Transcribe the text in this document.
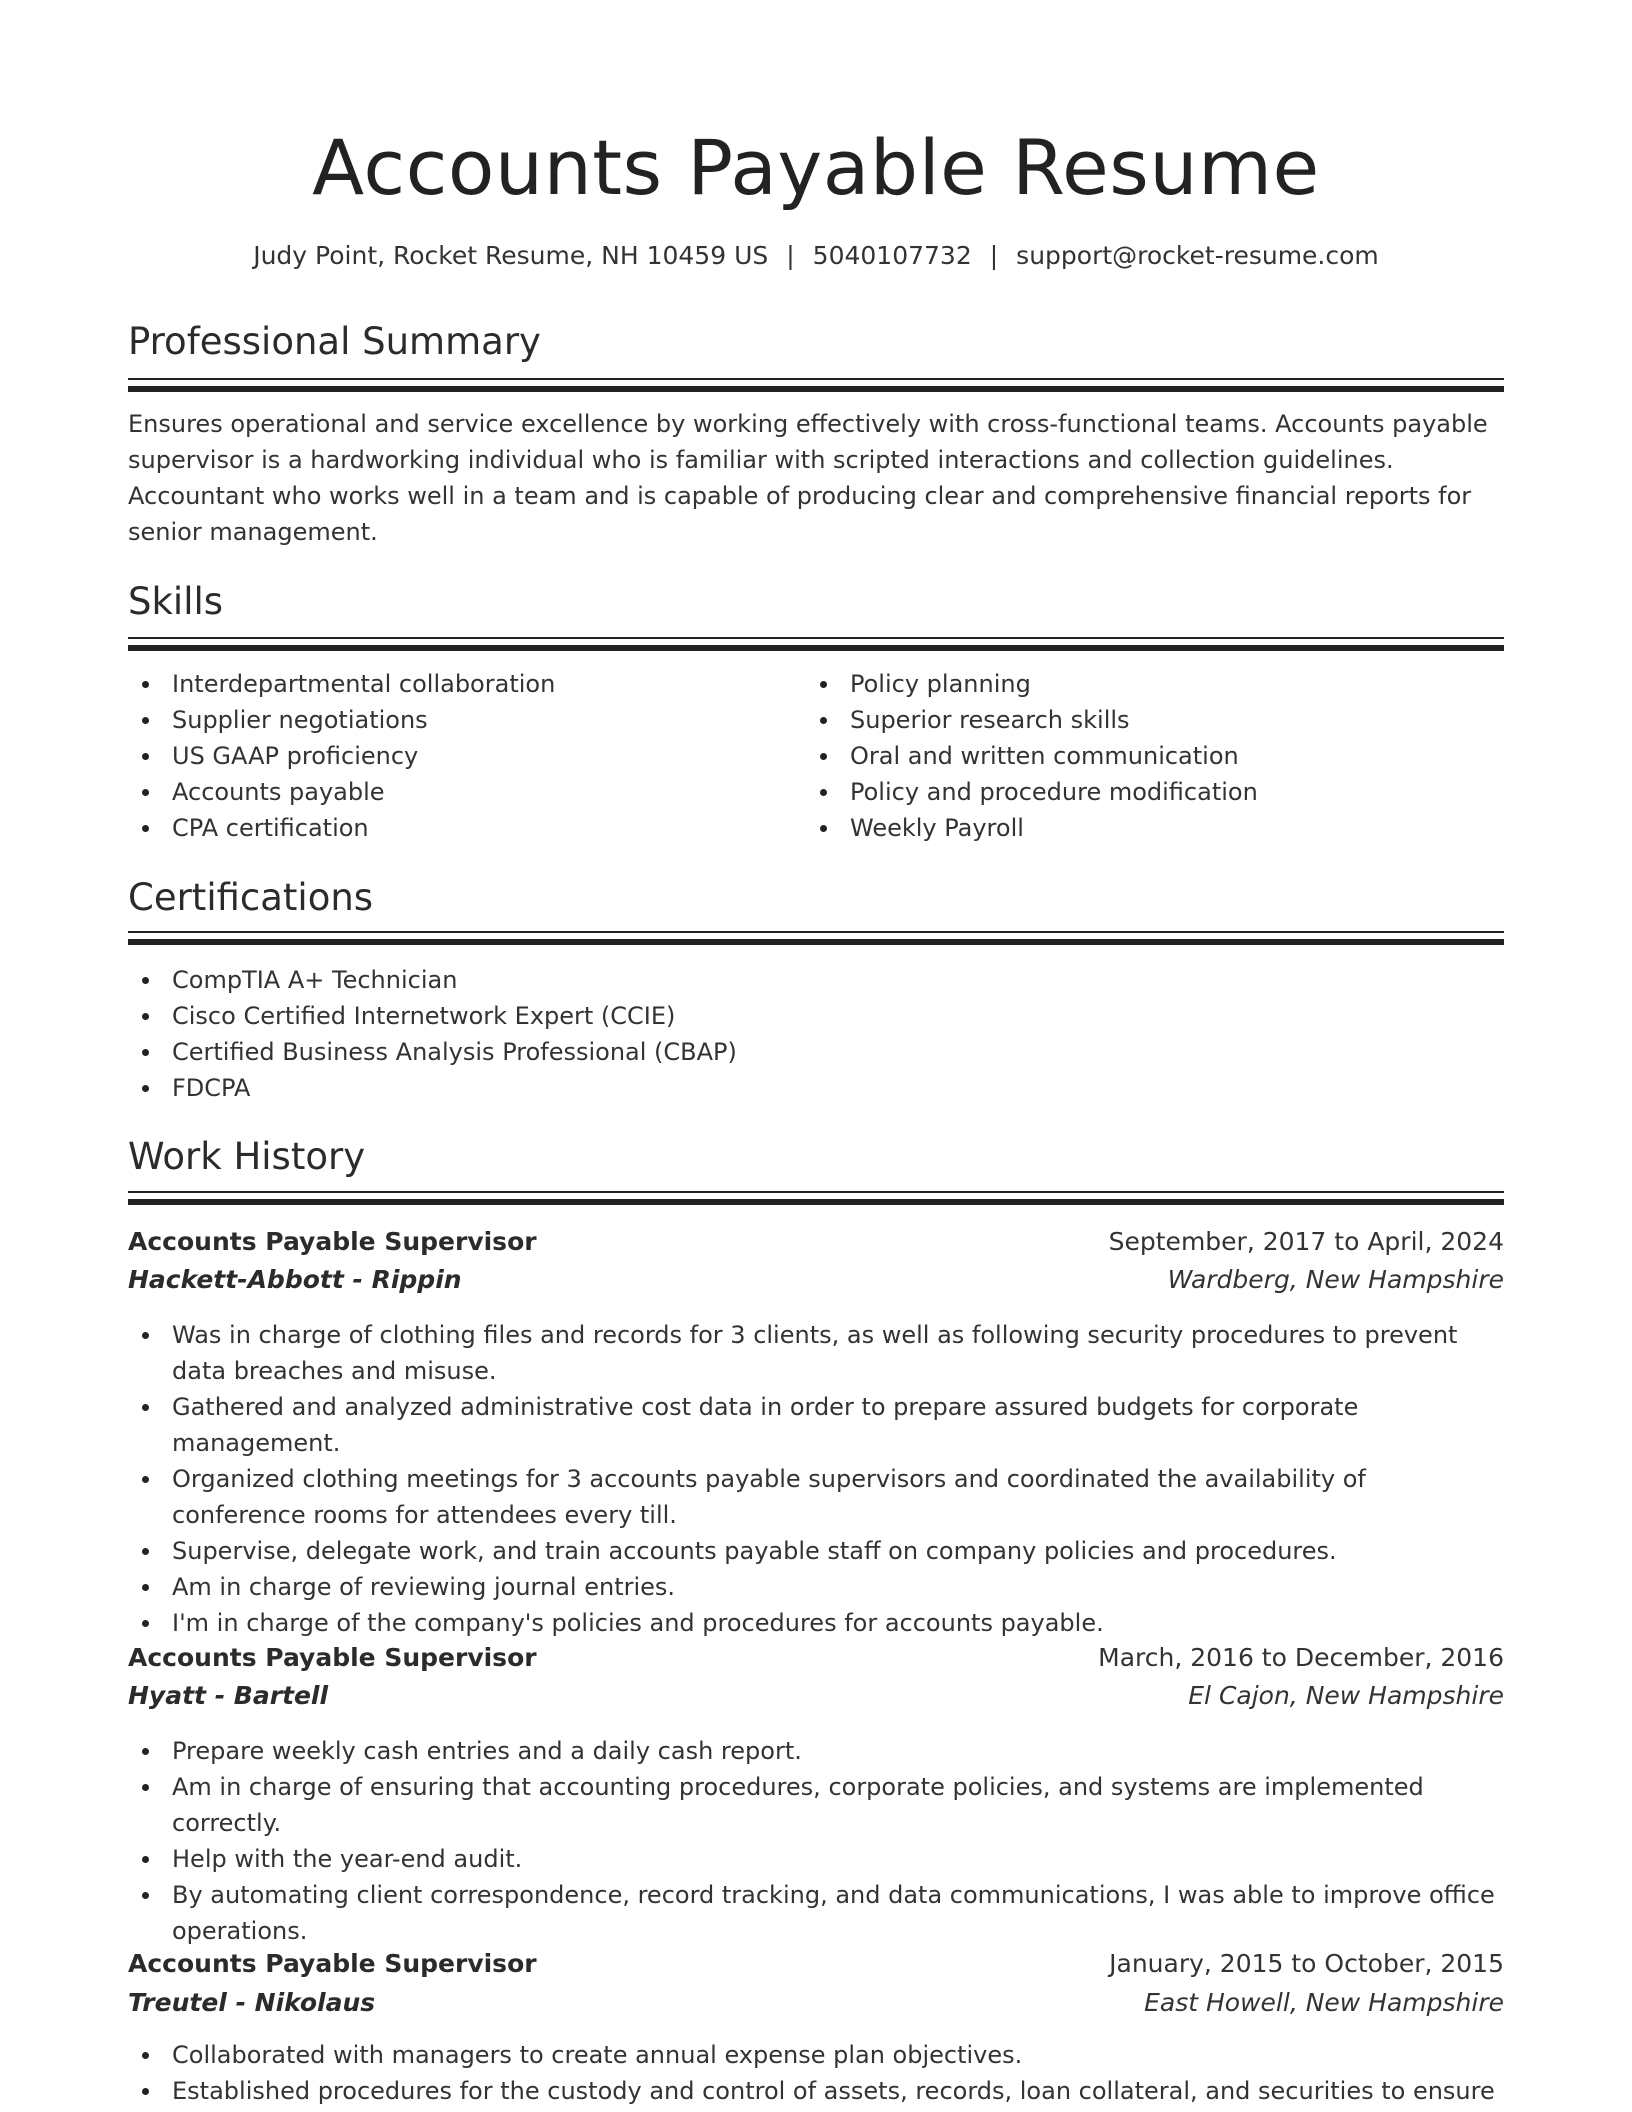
Accounts Payable Resume
Judy Point, Rocket Resume, NH 10459 US | 5040107732 | support@rocket-resume.com
Professional Summary
Ensures operational and service excellence by working effectively with cross-functional teams. Accounts payable supervisor is a hardworking individual who is familiar with scripted interactions and collection guidelines. Accountant who works well in a team and is capable of producing clear and comprehensive financial reports for senior management.
Skills
Interdepartmental collaboration
Supplier negotiations
US GAAP proficiency
Accounts payable
CPA certification
Policy planning
Superior research skills
Oral and written communication
Policy and procedure modification
Weekly Payroll
Certifications
CompTIA A+ Technician
Cisco Certified Internetwork Expert (CCIE)
Certified Business Analysis Professional (CBAP)
FDCPA
Work History
Accounts Payable Supervisor	September, 2017 to April, 2024
Hackett-Abbott - Rippin	Wardberg, New Hampshire
Was in charge of clothing files and records for 3 clients, as well as following security procedures to prevent data breaches and misuse.
Gathered and analyzed administrative cost data in order to prepare assured budgets for corporate management.
Organized clothing meetings for 3 accounts payable supervisors and coordinated the availability of conference rooms for attendees every till.
Supervise, delegate work, and train accounts payable staff on company policies and procedures.
Am in charge of reviewing journal entries.
I'm in charge of the company's policies and procedures for accounts payable.
Accounts Payable Supervisor	March, 2016 to December, 2016
Hyatt - Bartell	El Cajon, New Hampshire
Prepare weekly cash entries and a daily cash report.
Am in charge of ensuring that accounting procedures, corporate policies, and systems are implemented correctly.
Help with the year-end audit.
By automating client correspondence, record tracking, and data communications, I was able to improve office operations.
Accounts Payable Supervisor	January, 2015 to October, 2015
Treutel - Nikolaus	East Howell, New Hampshire
Collaborated with managers to create annual expense plan objectives.
Established procedures for the custody and control of assets, records, loan collateral, and securities to ensure
